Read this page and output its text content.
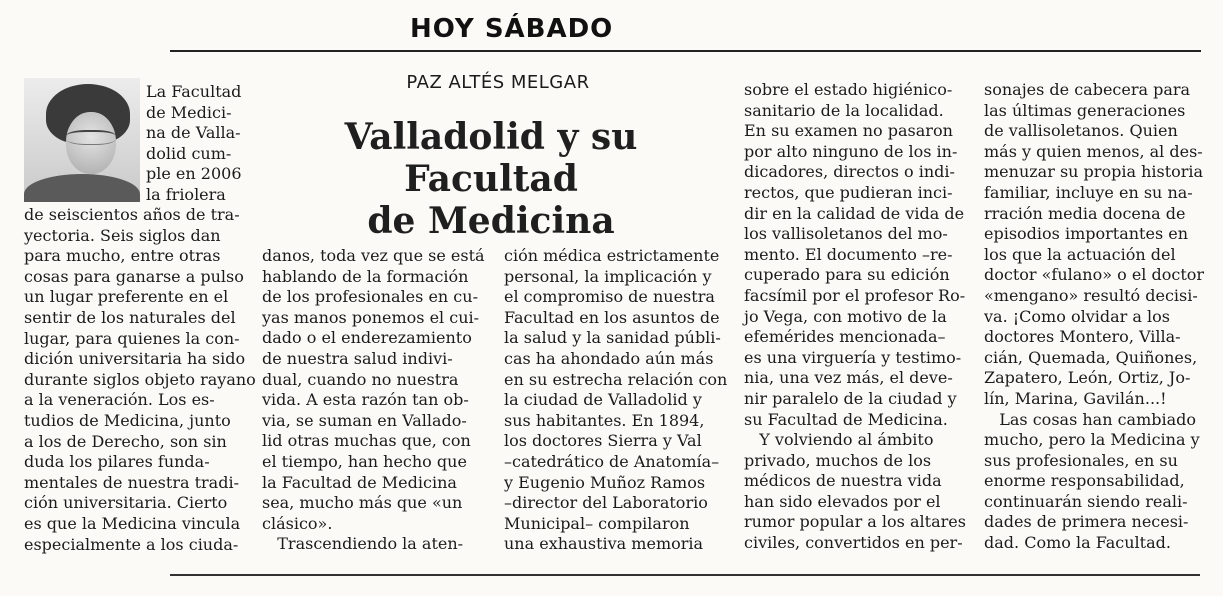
HOY SÁBADO

La Facultad
de Medici-
na de Valla-
dolid cum-
ple en 2006
la friolera

de seiscientos años de tra-
yectoria. Seis siglos dan
para mucho, entre otras
cosas para ganarse a pulso
un lugar preferente en el
sentir de los naturales del
lugar, para quienes la con-
dición universitaria ha sido
durante siglos objeto rayano
a la veneración. Los es-
tudios de Medicina, junto
a los de Derecho, son sin
duda los pilares funda-
mentales de nuestra tradi-
ción universitaria. Cierto
es que la Medicina vincula
especialmente a los ciuda-

PAZ ALTÉS MELGAR
Valladolid y su Facultad
de Medicina

danos, toda vez que se está
hablando de la formación
de los profesionales en cu-
yas manos ponemos el cui-
dado o el enderezamiento
de nuestra salud indivi-
dual, cuando no nuestra
vida. A esta razón tan ob-
via, se suman en Vallado-
lid otras muchas que, con
el tiempo, han hecho que
la Facultad de Medicina
sea, mucho más que «un
clásico».
Trascendiendo la aten-

ción médica estrictamente
personal, la implicación y
el compromiso de nuestra
Facultad en los asuntos de
la salud y la sanidad públi-
cas ha ahondado aún más
en su estrecha relación con
la ciudad de Valladolid y
sus habitantes. En 1894,
los doctores Sierra y Val
–catedrático de Anatomía–
y Eugenio Muñoz Ramos
–director del Laboratorio
Municipal– compilaron
una exhaustiva memoria

sobre el estado higiénico-
sanitario de la localidad.
En su examen no pasaron
por alto ninguno de los in-
dicadores, directos o indi-
rectos, que pudieran inci-
dir en la calidad de vida de
los vallisoletanos del mo-
mento. El documento –re-
cuperado para su edición
facsímil por el profesor Ro-
jo Vega, con motivo de la
efemérides mencionada–
es una virguería y testimo-
nia, una vez más, el deve-
nir paralelo de la ciudad y
su Facultad de Medicina.
Y volviendo al ámbito
privado, muchos de los
médicos de nuestra vida
han sido elevados por el
rumor popular a los altares
civiles, convertidos en per-

sonajes de cabecera para
las últimas generaciones
de vallisoletanos. Quien
más y quien menos, al des-
menuzar su propia historia
familiar, incluye en su na-
rración media docena de
episodios importantes en
los que la actuación del
doctor «fulano» o el doctor
«mengano» resultó decisi-
va. ¡Como olvidar a los
doctores Montero, Villa-
cián, Quemada, Quiñones,
Zapatero, León, Ortiz, Jo-
lín, Marina, Gavilán...!
Las cosas han cambiado
mucho, pero la Medicina y
sus profesionales, en su
enorme responsabilidad,
continuarán siendo reali-
dades de primera necesi-
dad. Como la Facultad.
